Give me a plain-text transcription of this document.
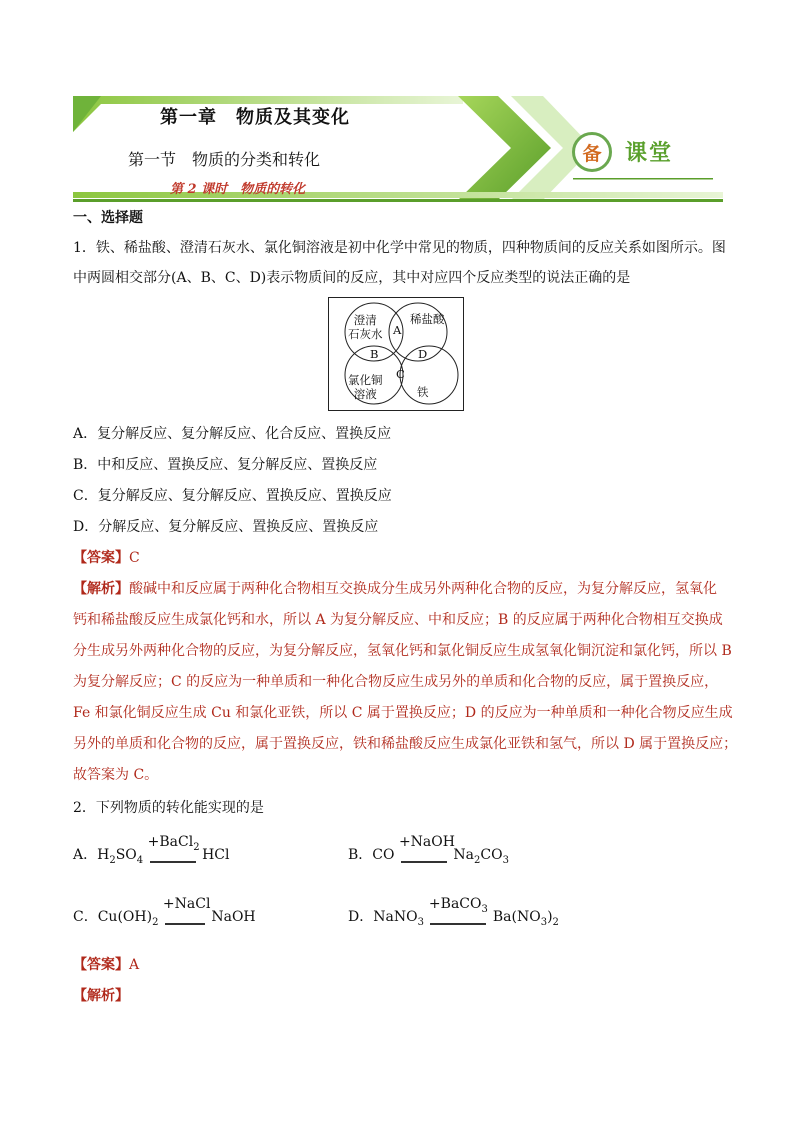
第一章　物质及其变化
第一节　物质的分类和转化
第 2 课时　物质的转化
备 课堂
一、选择题
1．铁、稀盐酸、澄清石灰水、氯化铜溶液是初中化学中常见的物质，四种物质间的反应关系如图所示。图
中两圆相交部分(A、B、C、D)表示物质间的反应，其中对应四个反应类型的说法正确的是
澄清
石灰水
稀盐酸
氯化铜
溶液	铁
A
B
C
D
A．复分解反应、复分解反应、化合反应、置换反应
B．中和反应、置换反应、复分解反应、置换反应
C．复分解反应、复分解反应、置换反应、置换反应
D．分解反应、复分解反应、置换反应、置换反应
【答案】C
【解析】酸碱中和反应属于两种化合物相互交换成分生成另外两种化合物的反应，为复分解反应，氢氧化
钙和稀盐酸反应生成氯化钙和水，所以 A 为复分解反应、中和反应；B 的反应属于两种化合物相互交换成
分生成另外两种化合物的反应，为复分解反应，氢氧化钙和氯化铜反应生成氢氧化铜沉淀和氯化钙，所以 B
为复分解反应；C 的反应为一种单质和一种化合物反应生成另外的单质和化合物的反应，属于置换反应，
Fe 和氯化铜反应生成 Cu 和氯化亚铁，所以 C 属于置换反应；D 的反应为一种单质和一种化合物反应生成
另外的单质和化合物的反应，属于置换反应，铁和稀盐酸反应生成氯化亚铁和氢气，所以 D 属于置换反应；
故答案为 C。
2．下列物质的转化能实现的是
A．$H_2SO_4$
+BaCl$_2$ HCl	B．CO
+NaOH
$Na_2CO_3$
C．$Cu(OH)_2$
+NaCl
NaOH	D．NaNO$_3$
+BaCO$_3$ $Ba(NO_3)_2$
【答案】A
【解析】
